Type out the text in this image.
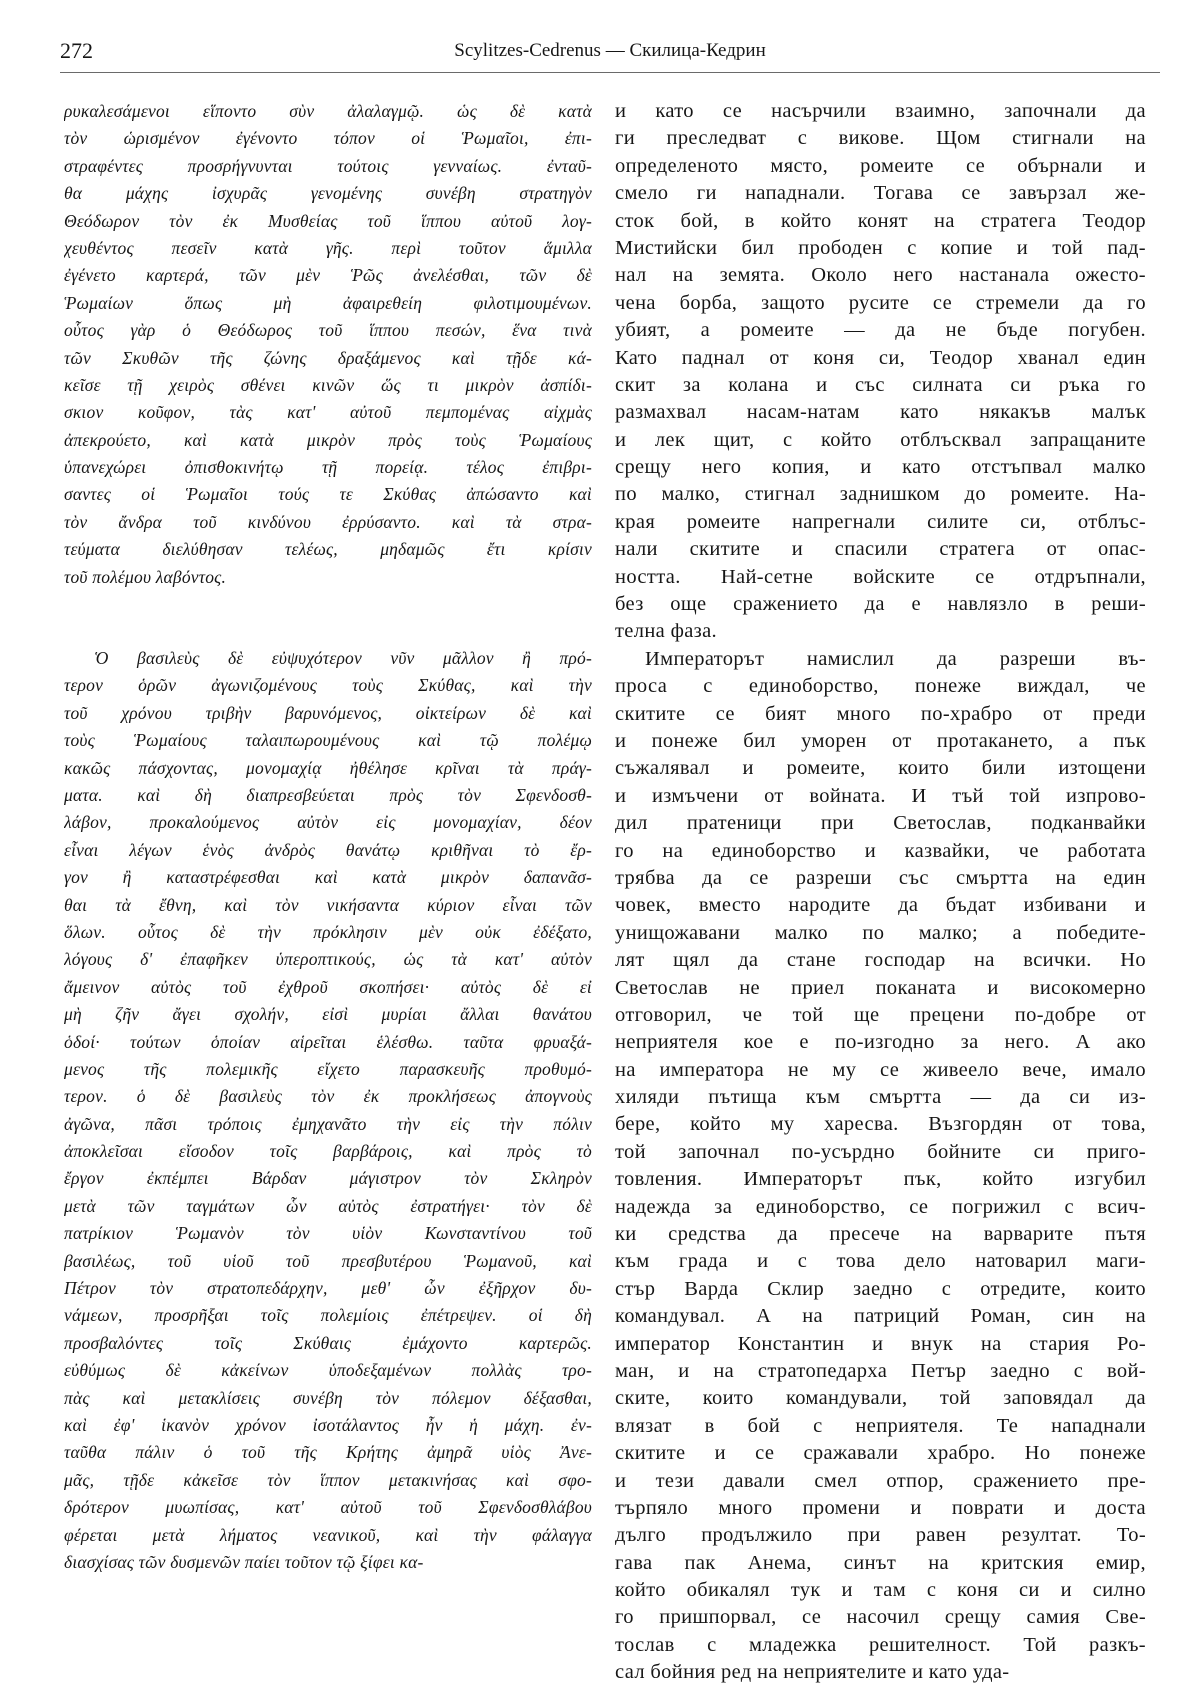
272	Scylitzes-Cedrenus — Скилица-Кедрин
ρυκαλεσάμενοι εἵποντο σὺν ἀλαλαγμῷ. ὡς δὲ κατὰ
τὸν ὡρισμένον ἐγένοντο τόπον οἱ Ῥωμαῖοι, ἐπι-
στραφέντες προσρήγνυνται τούτοις γενναίως. ἐνταῦ-
θα μάχης ἰσχυρᾶς γενομένης συνέβη στρατηγὸν
Θεόδωρον τὸν ἐκ Μυσθείας τοῦ ἵππου αὐτοῦ λογ-
χευθέντος πεσεῖν κατὰ γῆς. περὶ τοῦτον ἅμιλλα
ἐγένετο καρτερά, τῶν μὲν Ῥῶς ἀνελέσθαι, τῶν δὲ
Ῥωμαίων ὅπως μὴ ἀφαιρεθείη φιλοτιμουμένων.
οὗτος γὰρ ὁ Θεόδωρος τοῦ ἵππου πεσών, ἕνα τινὰ
τῶν Σκυθῶν τῆς ζώνης δραξάμενος καὶ τῇδε κά-
κεῖσε τῇ χειρὸς σθένει κινῶν ὥς τι μικρὸν ἀσπίδι-
σκιον κοῦφον, τὰς κατ' αὐτοῦ πεμπομένας αἰχμὰς
ἀπεκρούετο, καὶ κατὰ μικρὸν πρὸς τοὺς Ῥωμαίους
ὑπανεχώρει ὀπισθοκινήτῳ τῇ πορείᾳ. τέλος ἐπιβρι-
σαντες οἱ Ῥωμαῖοι τούς τε Σκύθας ἀπώσαντο καὶ
τὸν ἄνδρα τοῦ κινδύνου ἐρρύσαντο. καὶ τὰ στρα-
τεύματα διελύθησαν τελέως, μηδαμῶς ἔτι κρίσιν
τοῦ πολέμου λαβόντος.
Ὁ βασιλεὺς δὲ εὐψυχότερον νῦν μᾶλλον ἢ πρό-
τερον ὁρῶν ἀγωνιζομένους τοὺς Σκύθας, καὶ τὴν
τοῦ χρόνου τριβὴν βαρυνόμενος, οἰκτείρων δὲ καὶ
τοὺς Ῥωμαίους ταλαιπωρουμένους καὶ τῷ πολέμῳ
κακῶς πάσχοντας, μονομαχίᾳ ἠθέλησε κρῖναι τὰ πράγ-
ματα. καὶ δὴ διαπρεσβεύεται πρὸς τὸν Σφενδοσθ-
λάβον, προκαλούμενος αὐτὸν εἰς μονομαχίαν, δέον
εἶναι λέγων ἑνὸς ἀνδρὸς θανάτῳ κριθῆναι τὸ ἔρ-
γον ἢ καταστρέφεσθαι καὶ κατὰ μικρὸν δαπανᾶσ-
θαι τὰ ἔθνη, καὶ τὸν νικήσαντα κύριον εἶναι τῶν
ὅλων. οὗτος δὲ τὴν πρόκλησιν μὲν οὐκ ἐδέξατο,
λόγους δ' ἐπαφῆκεν ὑπεροπτικούς, ὡς τὰ κατ' αὐτὸν
ἄμεινον αὐτὸς τοῦ ἐχθροῦ σκοπήσει· αὐτὸς δὲ εἰ
μὴ ζῆν ἄγει σχολήν, εἰσὶ μυρίαι ἄλλαι θανάτου
ὁδοί· τούτων ὁποίαν αἱρεῖται ἑλέσθω. ταῦτα φρυαξά-
μενος τῆς πολεμικῆς εἴχετο παρασκευῆς προθυμό-
τερον. ὁ δὲ βασιλεὺς τὸν ἐκ προκλήσεως ἀπογνοὺς
ἀγῶνα, πᾶσι τρόποις ἐμηχανᾶτο τὴν εἰς τὴν πόλιν
ἀποκλεῖσαι εἴσοδον τοῖς βαρβάροις, καὶ πρὸς τὸ
ἔργον ἐκπέμπει Βάρδαν μάγιστρον τὸν Σκληρὸν
μετὰ τῶν ταγμάτων ὧν αὐτὸς ἐστρατήγει· τὸν δὲ
πατρίκιον Ῥωμανὸν τὸν υἱὸν Κωνσταντίνου τοῦ
βασιλέως, τοῦ υἱοῦ τοῦ πρεσβυτέρου Ῥωμανοῦ, καὶ
Πέτρον τὸν στρατοπεδάρχην, μεθ' ὧν ἐξῆρχον δυ-
νάμεων, προσρῆξαι τοῖς πολεμίοις ἐπέτρεψεν. οἱ δὴ
προσβαλόντες τοῖς Σκύθαις ἐμάχοντο καρτερῶς.
εὐθύμως δὲ κἀκείνων ὑποδεξαμένων πολλὰς τρο-
πὰς καὶ μετακλίσεις συνέβη τὸν πόλεμον δέξασθαι,
καὶ ἐφ' ἱκανὸν χρόνον ἰσοτάλαντος ἦν ἡ μάχη. ἐν-
ταῦθα πάλιν ὁ τοῦ τῆς Κρήτης ἀμηρᾶ υἱὸς Ἀνε-
μᾶς, τῇδε κἀκεῖσε τὸν ἵππον μετακινήσας καὶ σφο-
δρότερον μυωπίσας, κατ' αὐτοῦ τοῦ Σφενδοσθλάβου
φέρεται μετὰ λήματος νεανικοῦ, καὶ τὴν φάλαγγα
διασχίσας τῶν δυσμενῶν παίει τοῦτον τῷ ξίφει κα-
и като се насърчили взаимно, започнали да
ги преследват с викове. Щом стигнали на
определеното място, ромеите се обърнали и
смело ги нападнали. Тогава се завързал же-
сток бой, в който конят на стратега Теодор
Мистийски бил прободен с копие и той пад-
нал на земята. Около него настанала ожесто-
чена борба, защото русите се стремели да го
убият, а ромеите — да не бъде погубен.
Като паднал от коня си, Теодор хванал един
скит за колана и със силната си ръка го
размахвал насам-натам като някакъв малък
и лек щит, с който отблъсквал запращаните
срещу него копия, и като отстъпвал малко
по малко, стигнал заднишком до ромеите. На-
края ромеите напрегнали силите си, отблъс-
нали скитите и спасили стратега от опас-
ността. Най-сетне войските се отдръпнали,
без още сражението да е навлязло в реши-
телна фаза.
Императорът намислил да разреши въ-
проса с единоборство, понеже виждал, че
скитите се бият много по-храбро от преди
и понеже бил уморен от протакането, а пък
съжалявал и ромеите, които били изтощени
и измъчени от войната. И тъй той изпрово-
дил пратеници при Светослав, подканвайки
го на единоборство и казвайки, че работата
трябва да се разреши със смъртта на един
човек, вместо народите да бъдат избивани и
унищожавани малко по малко; а победите-
лят щял да стане господар на всички. Но
Светослав не приел поканата и високомерно
отговорил, че той ще прецени по-добре от
неприятеля кое е по-изгодно за него. А ако
на императора не му се живеело вече, имало
хиляди пътища към смъртта — да си из-
бере, който му харесва. Възгордян от това,
той започнал по-усърдно бойните си приго-
товления. Императорът пък, който изгубил
надежда за единоборство, се погрижил с всич-
ки средства да пресече на варварите пътя
към града и с това дело натоварил маги-
стър Варда Склир заедно с отредите, които
командувал. А на патриций Роман, син на
император Константин и внук на стария Ро-
ман, и на стратопедарха Петър заедно с вой-
ските, които командували, той заповядал да
влязат в бой с неприятеля. Те нападнали
скитите и се сражавали храбро. Но понеже
и тези давали смел отпор, сражението пре-
търпяло много промени и поврати и доста
дълго продължило при равен резултат. То-
гава пак Анема, синът на критския емир,
който обикалял тук и там с коня си и силно
го пришпорвал, се насочил срещу самия Све-
тослав с младежка решителност. Той разкъ-
сал бойния ред на неприятелите и като уда-
